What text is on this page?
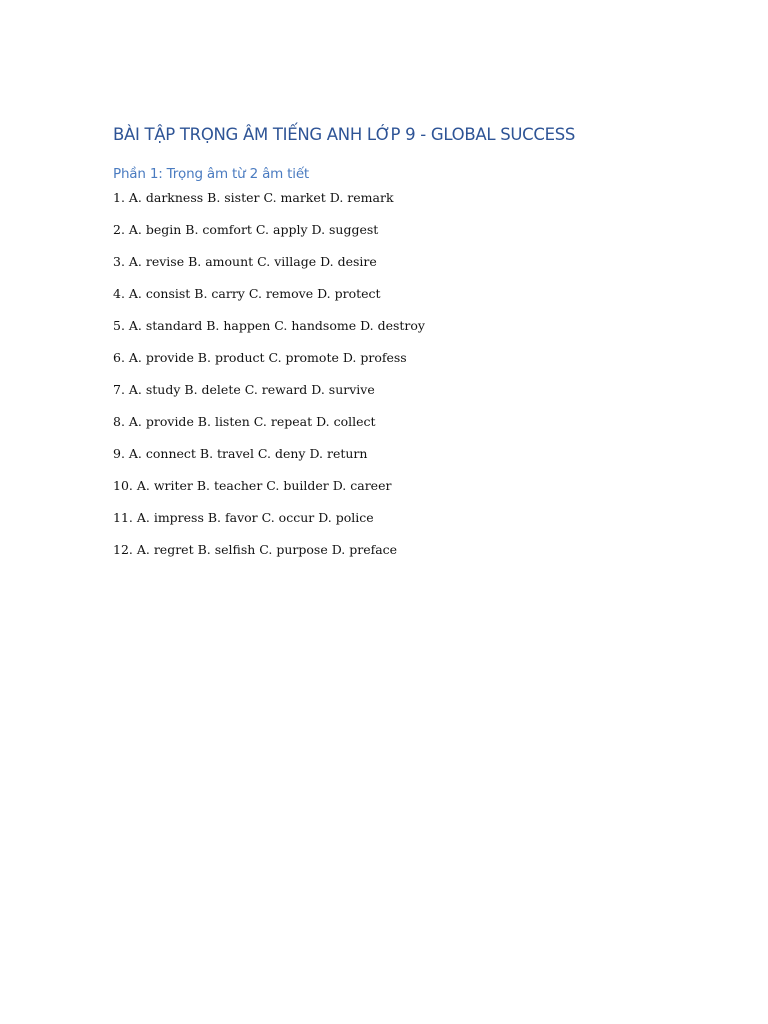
BÀI TẬP TRỌNG ÂM TIẾNG ANH LỚP 9 - GLOBAL SUCCESS
Phần 1: Trọng âm từ 2 âm tiết
1. A. darkness B. sister C. market D. remark
2. A. begin B. comfort C. apply D. suggest
3. A. revise B. amount C. village D. desire
4. A. consist B. carry C. remove D. protect
5. A. standard B. happen C. handsome D. destroy
6. A. provide B. product C. promote D. profess
7. A. study B. delete C. reward D. survive
8. A. provide B. listen C. repeat D. collect
9. A. connect B. travel C. deny D. return
10. A. writer B. teacher C. builder D. career
11. A. impress B. favor C. occur D. police
12. A. regret B. selfish C. purpose D. preface
